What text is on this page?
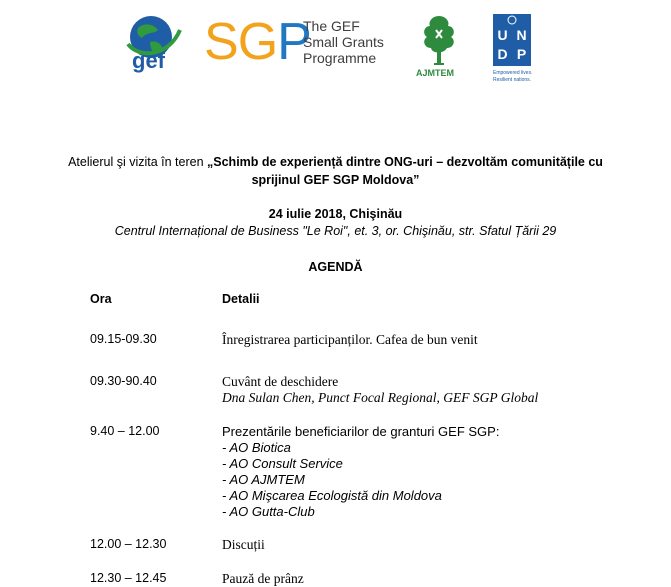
gef SGP
The GEF
Small Grants
Programme
AJMTEM
U N
D P
Empowered lives.
Resilient nations.
Atelierul şi vizita în teren „Schimb de experiență dintre ONG-uri – dezvoltăm comunitățile cu
sprijinul GEF SGP Moldova”
24 iulie 2018, Chişinău
Centrul Internațional de Business "Le Roi", et. 3, or. Chişinău, str. Sfatul Țării 29
AGENDĂ
Ora	Detalii
09.15-09.30	Înregistrarea participanților. Cafea de bun venit
09.30-90.40	Cuvânt de deschidere
Dna Sulan Chen, Punct Focal Regional, GEF SGP Global
9.40 – 12.00	Prezentările beneficiarilor de granturi GEF SGP:
- AO Biotica
- AO Consult Service
- AO AJMTEM
- AO Mişcarea Ecologistă din Moldova
- AO Gutta-Club
12.00 – 12.30	Discuții
12.30 – 12.45	Pauză de prânz
